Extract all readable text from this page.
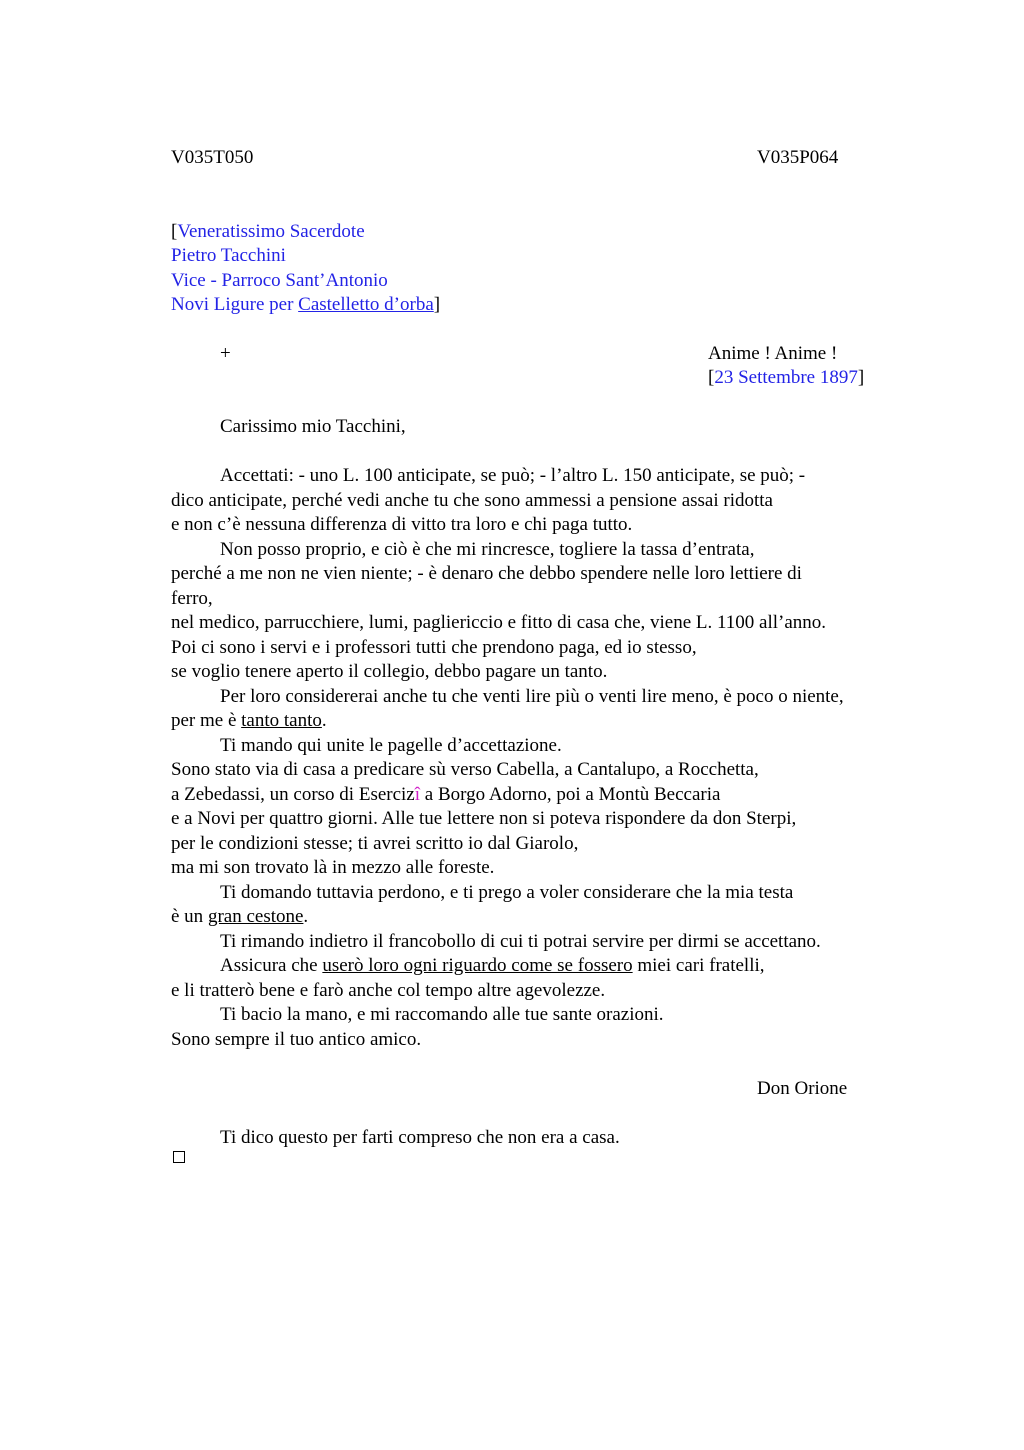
V035T050	V035P064
[Veneratissimo Sacerdote
Pietro Tacchini
Vice - Parroco Sant’Antonio
Novi Ligure per Castelletto d’orba]
+	Anime ! Anime !
[23 Settembre 1897]
Carissimo mio Tacchini,
Accettati: - uno L. 100 anticipate, se può; - l’altro L. 150 anticipate, se può; -
dico anticipate, perché vedi anche tu che sono ammessi a pensione assai ridotta
e non c’è nessuna differenza di vitto tra loro e chi paga tutto.
Non posso proprio, e ciò è che mi rincresce, togliere la tassa d’entrata,
perché a me non ne vien niente; - è denaro che debbo spendere nelle loro lettiere di
ferro,
nel medico, parrucchiere, lumi, pagliericcio e fitto di casa che, viene L. 1100 all’anno.
Poi ci sono i servi e i professori tutti che prendono paga, ed io stesso,
se voglio tenere aperto il collegio, debbo pagare un tanto.
Per loro considererai anche tu che venti lire più o venti lire meno, è poco o niente,
per me è tanto tanto.
Ti mando qui unite le pagelle d’accettazione.
Sono stato via di casa a predicare sù verso Cabella, a Cantalupo, a Rocchetta,
a Zebedassi, un corso di Esercizî a Borgo Adorno, poi a Montù Beccaria
e a Novi per quattro giorni. Alle tue lettere non si poteva rispondere da don Sterpi,
per le condizioni stesse; ti avrei scritto io dal Giarolo,
ma mi son trovato là in mezzo alle foreste.
Ti domando tuttavia perdono, e ti prego a voler considerare che la mia testa
è un gran cestone.
Ti rimando indietro il francobollo di cui ti potrai servire per dirmi se accettano.
Assicura che userò loro ogni riguardo come se fossero miei cari fratelli,
e li tratterò bene e farò anche col tempo altre agevolezze.
Ti bacio la mano, e mi raccomando alle tue sante orazioni.
Sono sempre il tuo antico amico.
Don Orione
Ti dico questo per farti compreso che non era a casa.
